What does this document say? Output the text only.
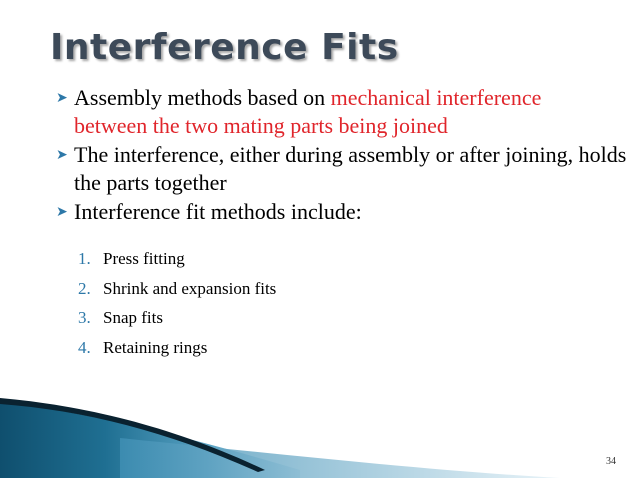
Interference Fits
➤ Assembly methods based on mechanical interference
between the two mating parts being joined
➤ The interference, either during assembly or after joining, holds the parts together
➤ Interference fit methods include:
1. Press fitting
2. Shrink and expansion fits
3. Snap fits
4. Retaining rings
34
